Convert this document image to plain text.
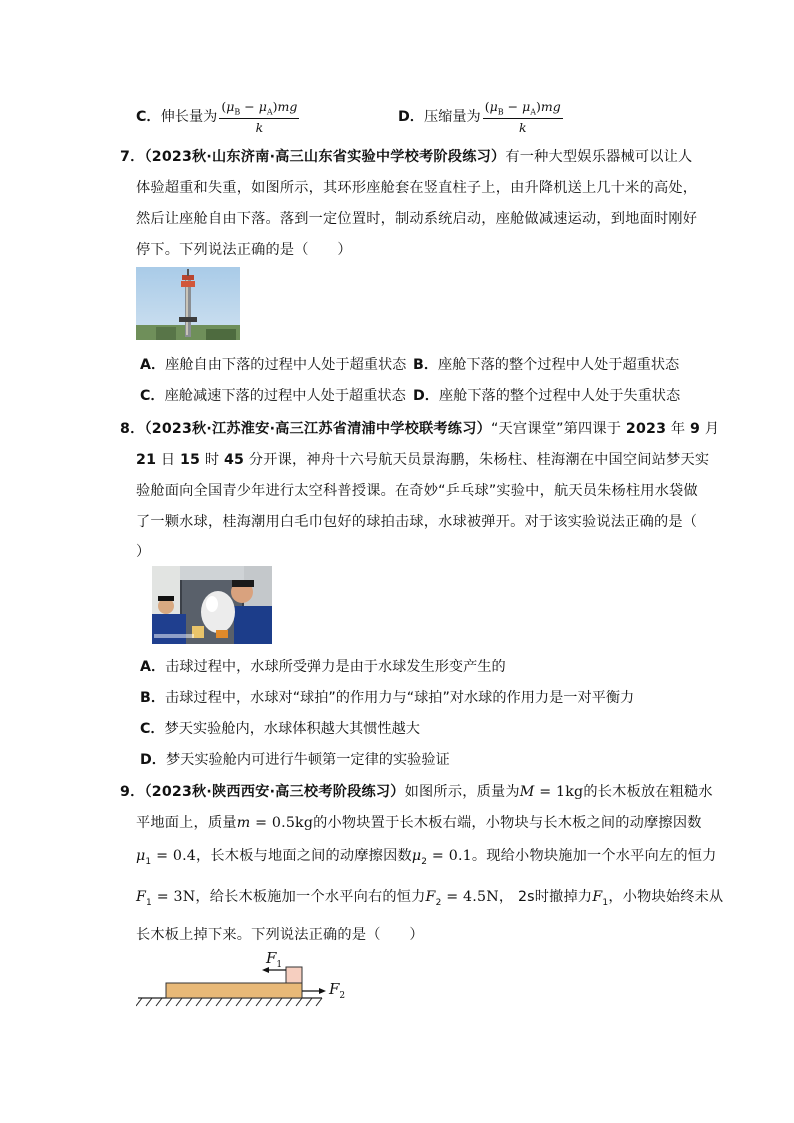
C．伸长量为 $\frac{(\mu_B - \mu_A)mg}{k}$	D．压缩量为 $\frac{(\mu_B - \mu_A)mg}{k}$
7．（2023秋·山东济南·高三山东省实验中学校考阶段练习）有一种大型娱乐器械可以让人
体验超重和失重，如图所示，其环形座舱套在竖直柱子上，由升降机送上几十米的高处，
然后让座舱自由下落。落到一定位置时，制动系统启动，座舱做减速运动，到地面时刚好
停下。下列说法正确的是（　　）
A．座舱自由下落的过程中人处于超重状态 B．座舱下落的整个过程中人处于超重状态
C．座舱减速下落的过程中人处于超重状态 D．座舱下落的整个过程中人处于失重状态
8．（2023秋·江苏淮安·高三江苏省清浦中学校联考练习）“天宫课堂”第四课于 2023 年 9 月
21 日 15 时 45 分开课，神舟十六号航天员景海鹏，朱杨柱、桂海潮在中国空间站梦天实
验舱面向全国青少年进行太空科普授课。在奇妙“乒乓球”实验中，航天员朱杨柱用水袋做
了一颗水球，桂海潮用白毛巾包好的球拍击球，水球被弹开。对于该实验说法正确的是（
）
A．击球过程中，水球所受弹力是由于水球发生形变产生的
B．击球过程中，水球对“球拍”的作用力与“球拍”对水球的作用力是一对平衡力
C．梦天实验舱内，水球体积越大其惯性越大
D．梦天实验舱内可进行牛顿第一定律的实验验证
9．（2023秋·陕西西安·高三校考阶段练习）如图所示，质量为M = 1kg的长木板放在粗糙水
平地面上，质量m = 0.5kg的小物块置于长木板右端，小物块与长木板之间的动摩擦因数
$\mu_1 = 0.4$，长木板与地面之间的动摩擦因数$\mu_2 = 0.1$。现给小物块施加一个水平向左的恒力
$F_1 = 3N$，给长木板施加一个水平向右的恒力$F_2 = 4.5N$， 2s时撤掉力$F_1$，小物块始终未从
长木板上掉下来。下列说法正确的是（　　）
$F_1$
$F_2$
